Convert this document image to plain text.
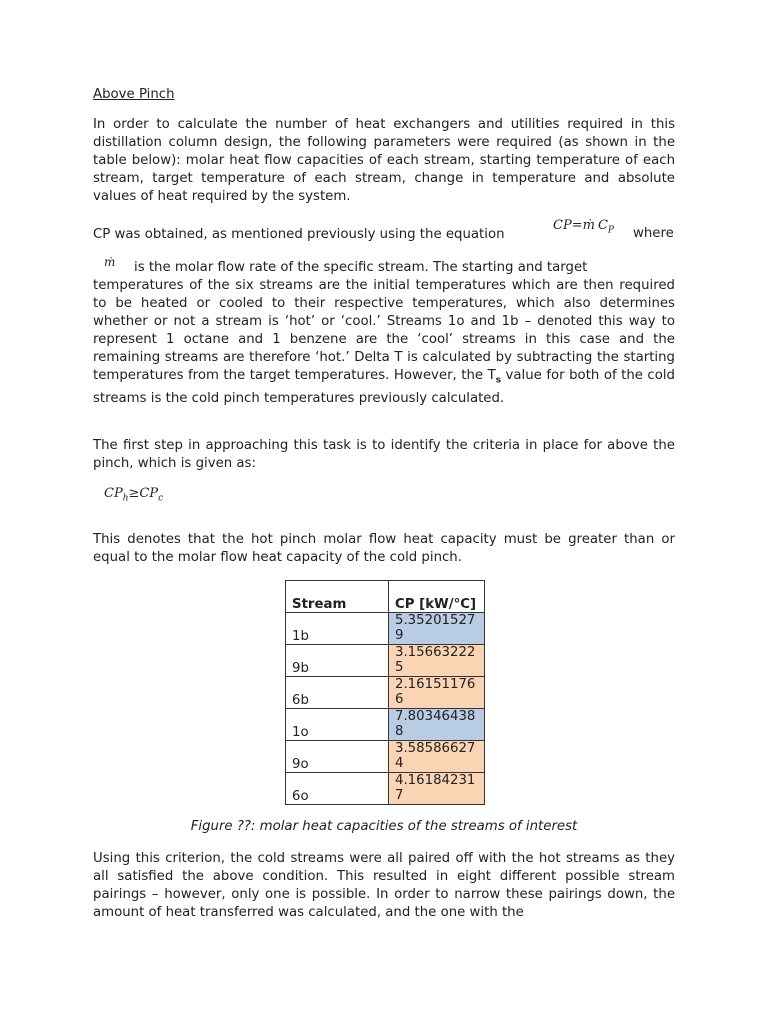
Above Pinch

In order to calculate the number of heat exchangers and utilities required in this distillation column design, the following parameters were required (as shown in the table below): molar heat flow capacities of each stream, starting temperature of each stream, target temperature of each stream, change in temperature and absolute values of heat required by the system.

CP was obtained, as mentioned previously using the equation
CP=ṁ $C_P$ where
ṁ is the molar flow rate of the specific stream. The starting and target

temperatures of the six streams are the initial temperatures which are then required to be heated or cooled to their respective temperatures, which also determines whether or not a stream is ‘hot’ or ‘cool.’ Streams 1o and 1b – denoted this way to represent 1 octane and 1 benzene are the ‘cool’ streams in this case and the remaining streams are therefore ‘hot.’ Delta T is calculated by subtracting the starting temperatures from the target temperatures. However, the $T_s$ value for both of the cold streams is the cold pinch temperatures previously calculated.

The first step in approaching this task is to identify the criteria in place for above the pinch, which is given as:

$CP_h\ge CP_c$

This denotes that the hot pinch molar flow heat capacity must be greater than or equal to the molar flow heat capacity of the cold pinch.

Stream	CP [kW/°C]
1b	5.352015279
9b	3.156632225
6b	2.161511766
1o	7.803464388
9o	3.585866274
6o	4.161842317
Figure ??: molar heat capacities of the streams of interest

Using this criterion, the cold streams were all paired off with the hot streams as they all satisfied the above condition. This resulted in eight different possible stream pairings – however, only one is possible. In order to narrow these pairings down, the amount of heat transferred was calculated, and the one with the
